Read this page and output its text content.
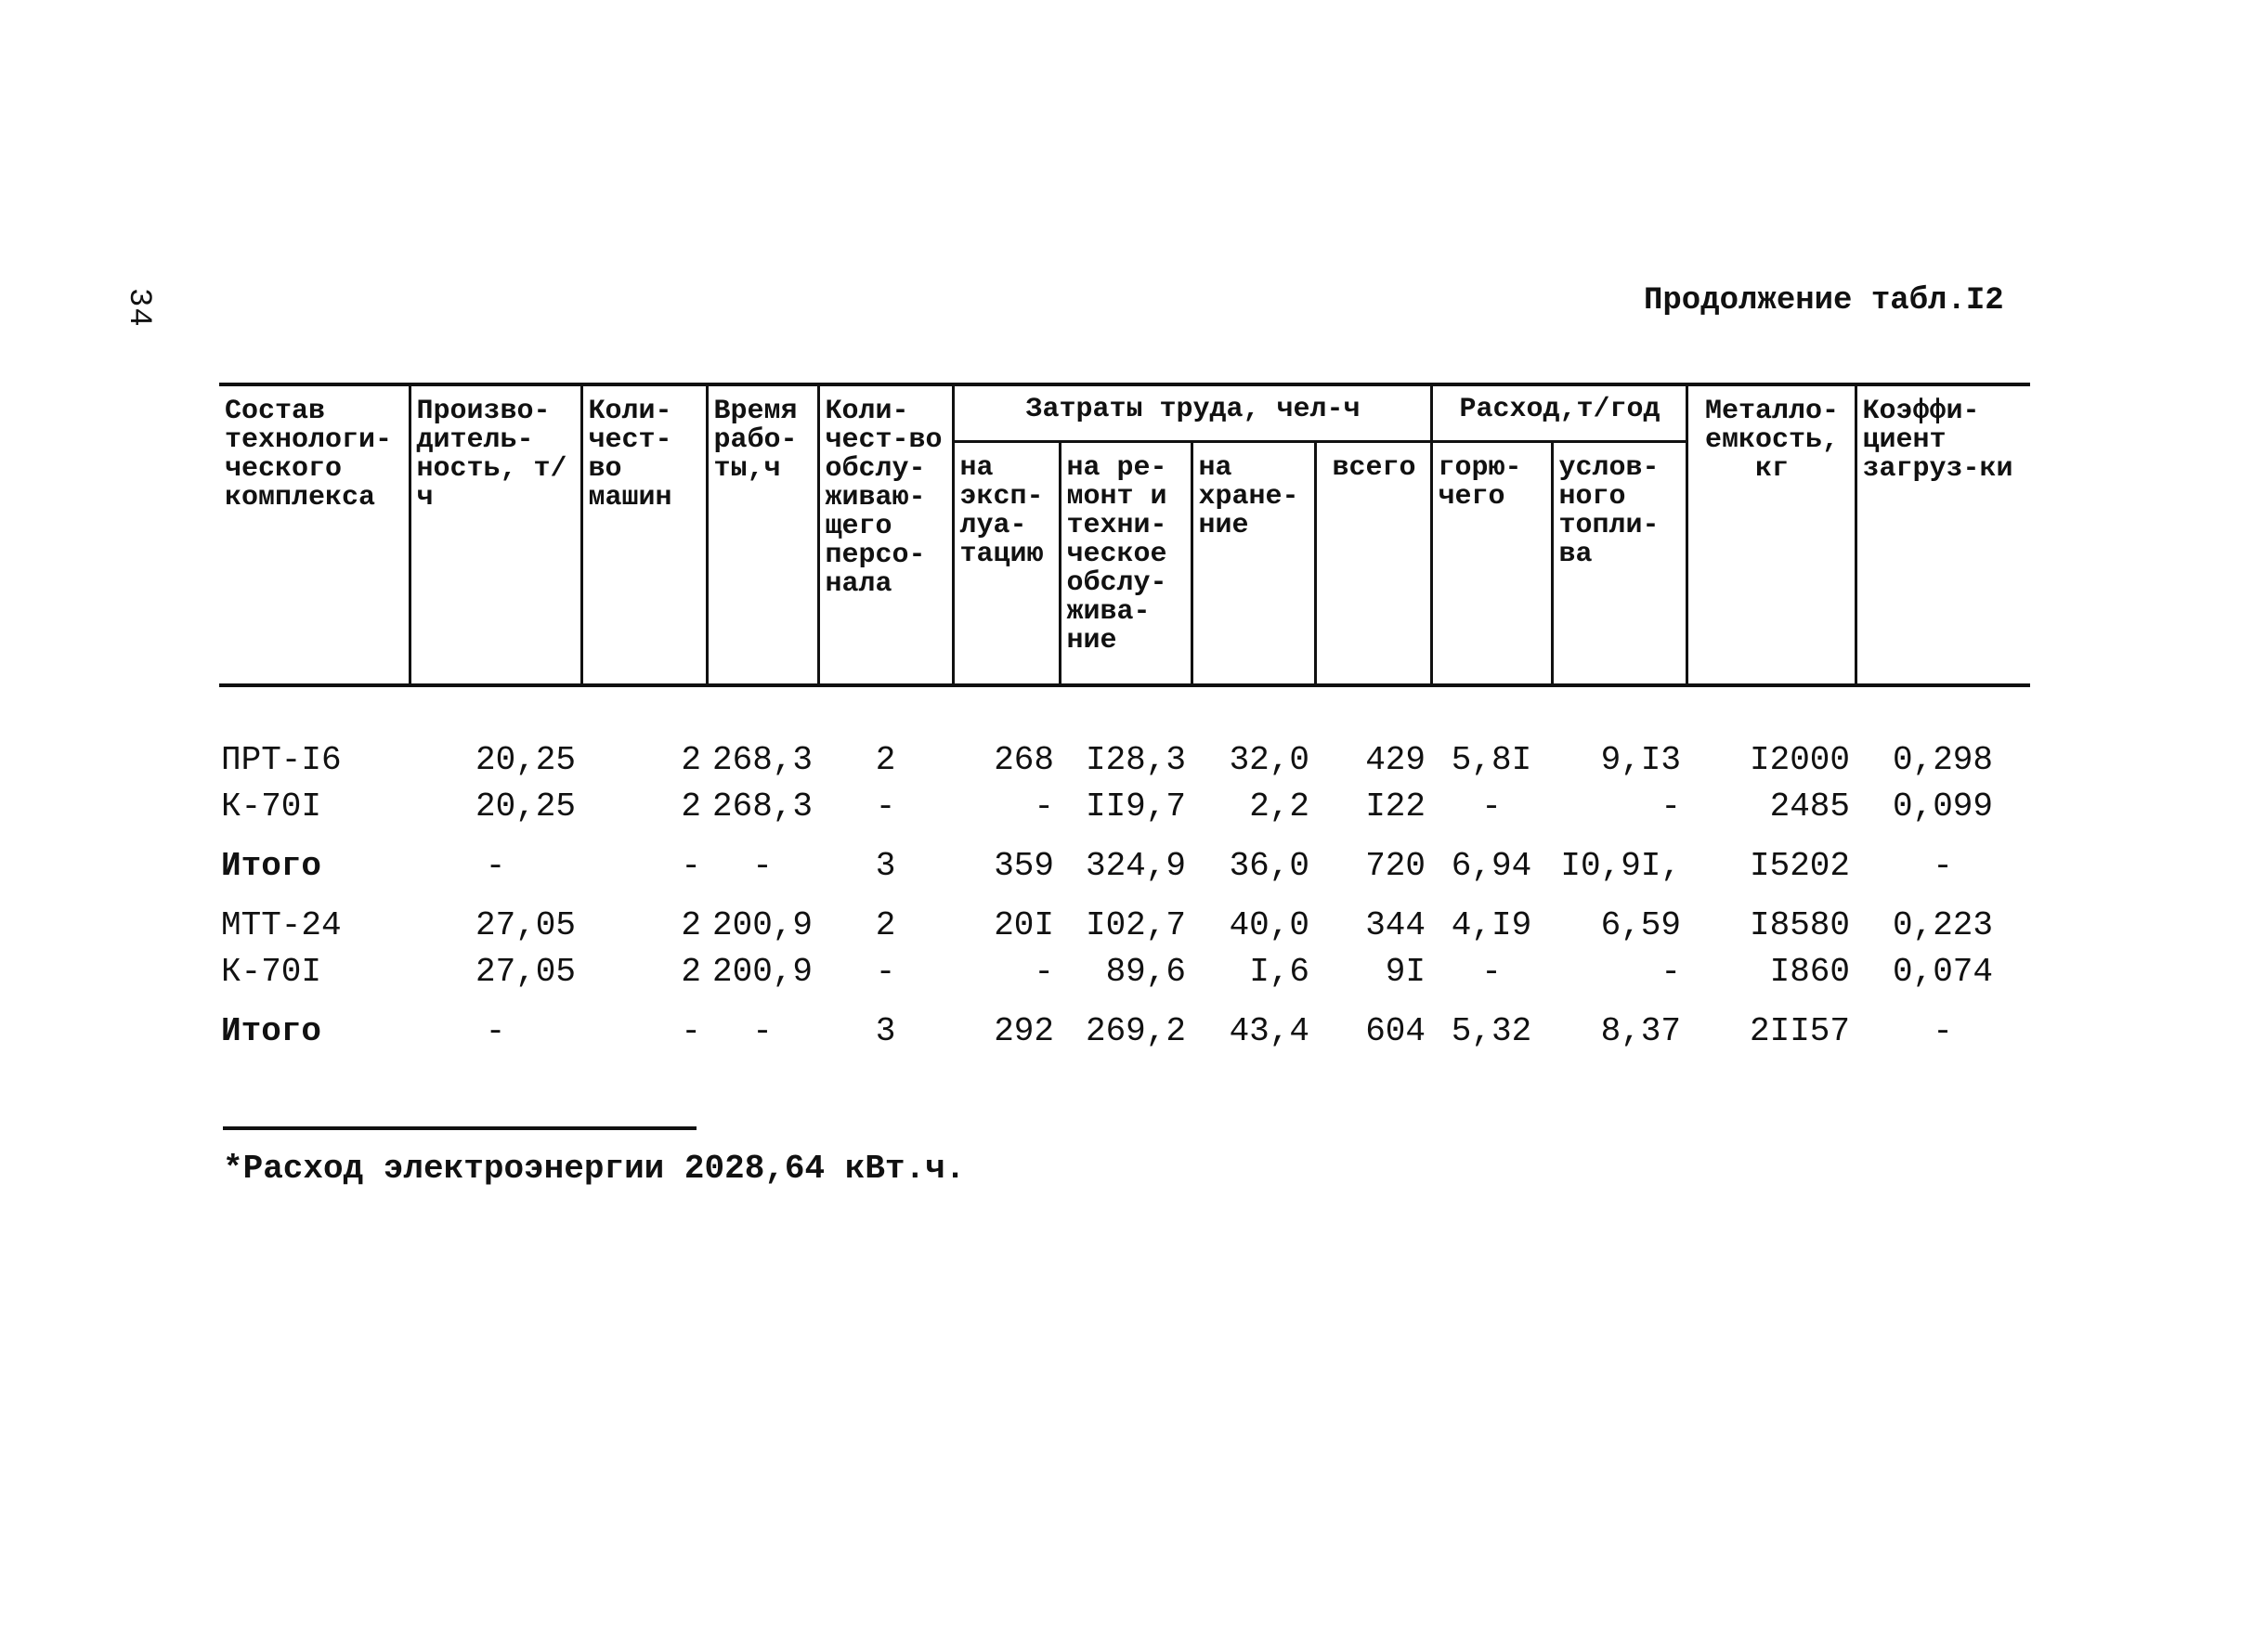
34	Продолжение табл.I2
Состав технологи-ческого комплекса	Произво-дитель-ность, т/ч	Коли-чест-во машин	Время рабо-ты,ч	Коли-чест-во обслу-живаю-щего персо-нала	Затраты труда, чел-ч				Расход,т/год		Металло-емкость, кг	Коэффи-циент загруз-ки
					на эксп-луа-тацию	на ре-монт и техни-ческое обслу-жива-ние	на хране-ние	всего	горю-чего	услов-ного топли-ва		

ПРТ-I6	20,25	2	268,3	2	268	I28,3	32,0	429	5,8I	9,I3	I2000	0,298
К-70I	20,25	2	268,3	-	-	II9,7	2,2	I22	-	-	2485	0,099
Итого	-	-	-	3	359	324,9	36,0	720	6,94	I0,9I,	I5202	-
МТТ-24	27,05	2	200,9	2	20I	I02,7	40,0	344	4,I9	6,59	I8580	0,223
К-70I	27,05	2	200,9	-	-	89,6	I,6	9I	-	-	I860	0,074
Итого	-	-	-	3	292	269,2	43,4	604	5,32	8,37	2II57	-
*Расход электроэнергии 2028,64 кВт.ч.
